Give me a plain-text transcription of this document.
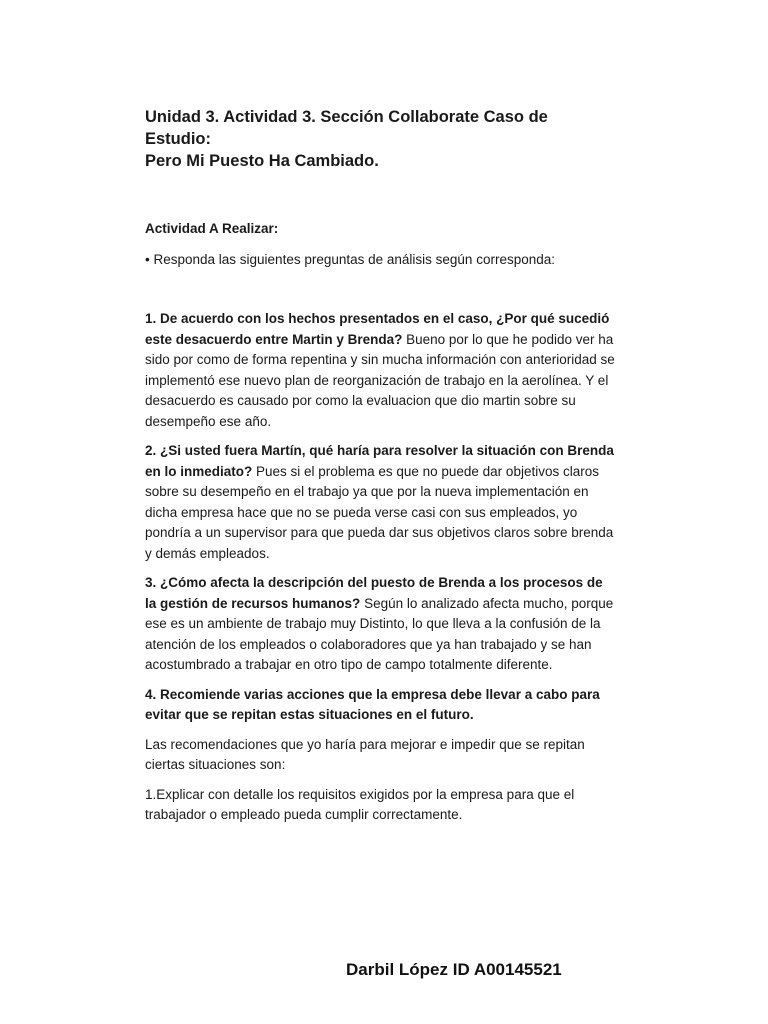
Unidad 3. Actividad 3. Sección Collaborate Caso de Estudio:
Pero Mi Puesto Ha Cambiado.
Actividad A Realizar:

• Responda las siguientes preguntas de análisis según corresponda:

1. De acuerdo con los hechos presentados en el caso, ¿Por qué sucedió este desacuerdo entre Martin y Brenda? Bueno por lo que he podido ver ha sido por como de forma repentina y sin mucha información con anterioridad se implementó ese nuevo plan de reorganización de trabajo en la aerolínea. Y el desacuerdo es causado por como la evaluacion que dio martin sobre su desempeño ese año.

2. ¿Si usted fuera Martín, qué haría para resolver la situación con Brenda en lo inmediato? Pues si el problema es que no puede dar objetivos claros sobre su desempeño en el trabajo ya que por la nueva implementación en dicha empresa hace que no se pueda verse casi con sus empleados, yo pondría a un supervisor para que pueda dar sus objetivos claros sobre brenda y demás empleados.

3. ¿Cómo afecta la descripción del puesto de Brenda a los procesos de la gestión de recursos humanos? Según lo analizado afecta mucho, porque ese es un ambiente de trabajo muy Distinto, lo que lleva a la confusión de la atención de los empleados o colaboradores que ya han trabajado y se han acostumbrado a trabajar en otro tipo de campo totalmente diferente.

4. Recomiende varias acciones que la empresa debe llevar a cabo para evitar que se repitan estas situaciones en el futuro.

Las recomendaciones que yo haría para mejorar e impedir que se repitan ciertas situaciones son:

1.Explicar con detalle los requisitos exigidos por la empresa para que el trabajador o empleado pueda cumplir correctamente.

Darbil López ID A00145521
